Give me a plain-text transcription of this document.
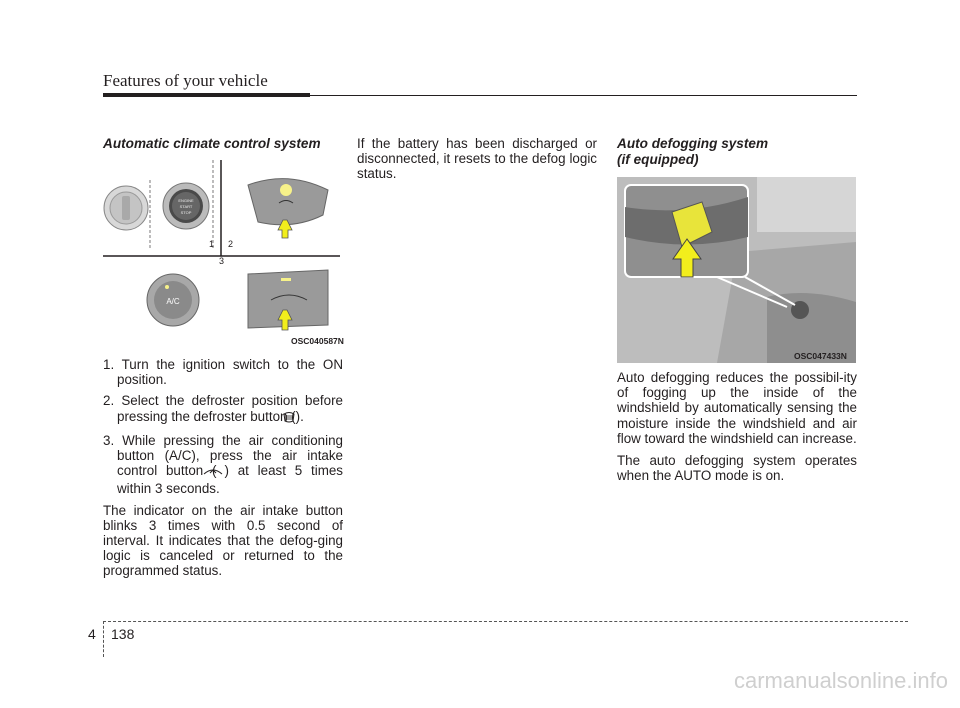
Features of your vehicle
Automatic climate control system
ENGINE
START
STOP
1 2
3
A/C
OSC040587N
1. Turn the ignition switch to the ON position.
2. Select the defroster position before pressing the defroster button ().
3. While pressing the air conditioning button (A/C), press the air intake control button ( ) at least 5 times within 3 seconds.

The indicator on the air intake button blinks 3 times with 0.5 second of interval. It indicates that the defog-ging logic is canceled or returned to the programmed status.

If the battery has been discharged or disconnected, it resets to the defog logic status.

Auto defogging system
(if equipped)
OSC047433N

Auto defogging reduces the possibil-ity of fogging up the inside of the windshield by automatically sensing the moisture inside the windshield and air flow toward the windshield can increase.

The auto defogging system operates when the AUTO mode is on.

4 138
carmanualsonline.info
